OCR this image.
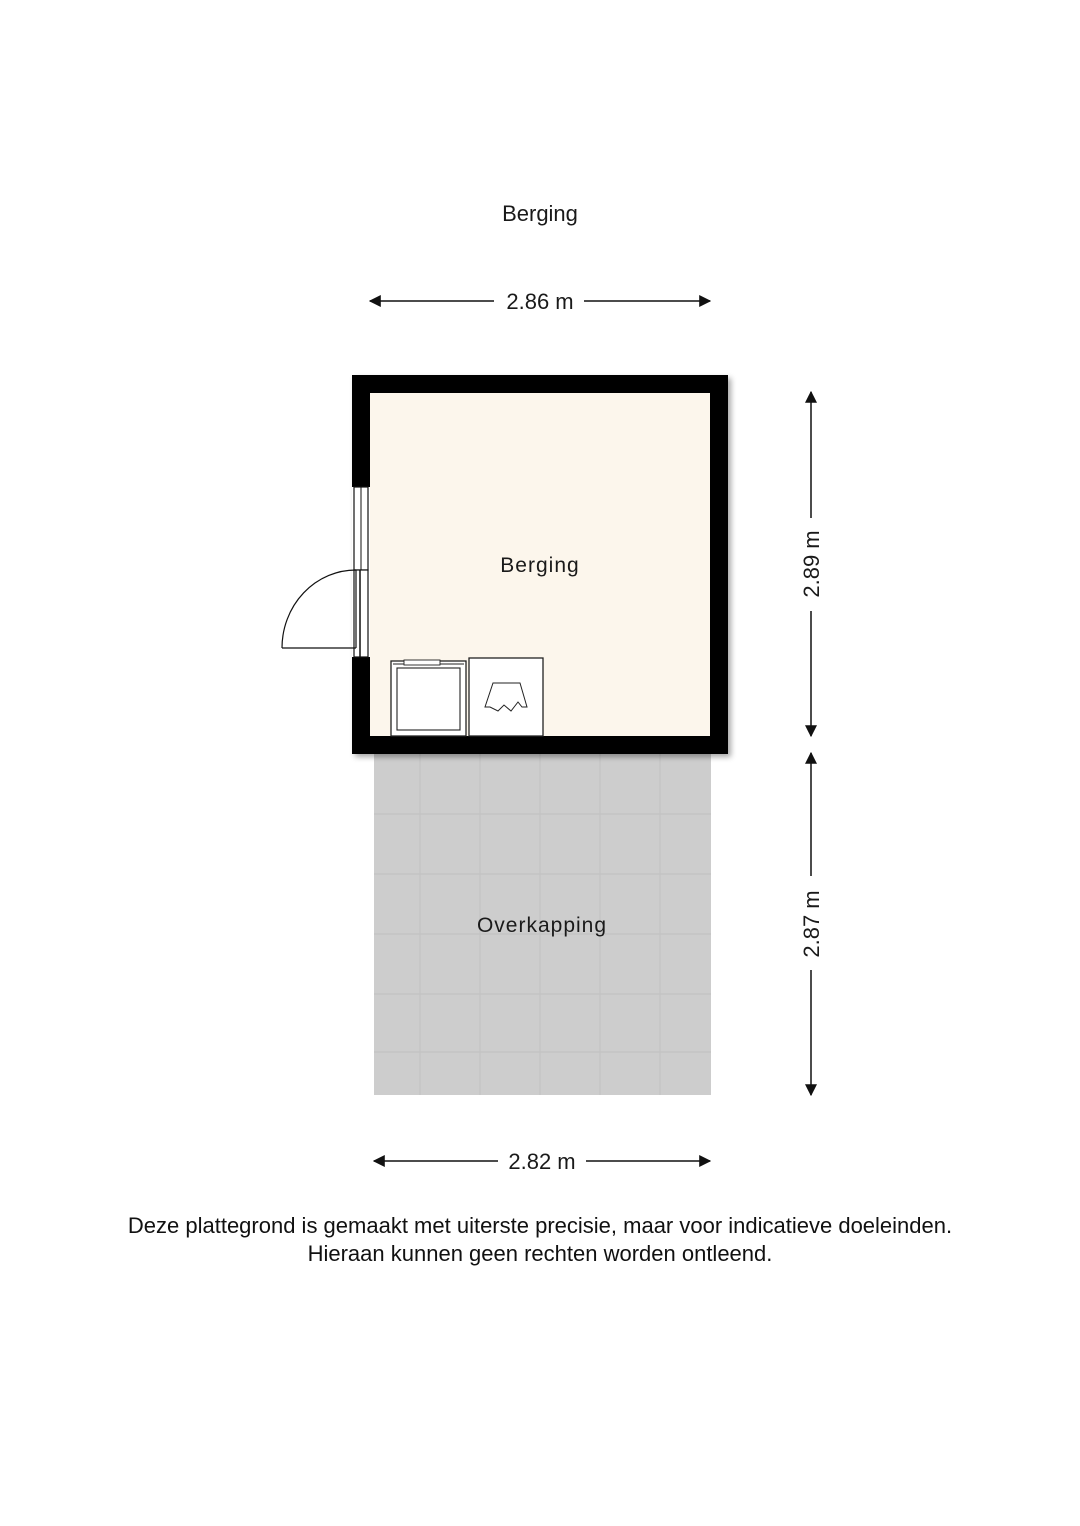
Berging
2.86 m
Overkapping
Berging	2.89 m
2.87 m
2.82 m
Deze plattegrond is gemaakt met uiterste precisie, maar voor indicatieve doeleinden.
Hieraan kunnen geen rechten worden ontleend.
